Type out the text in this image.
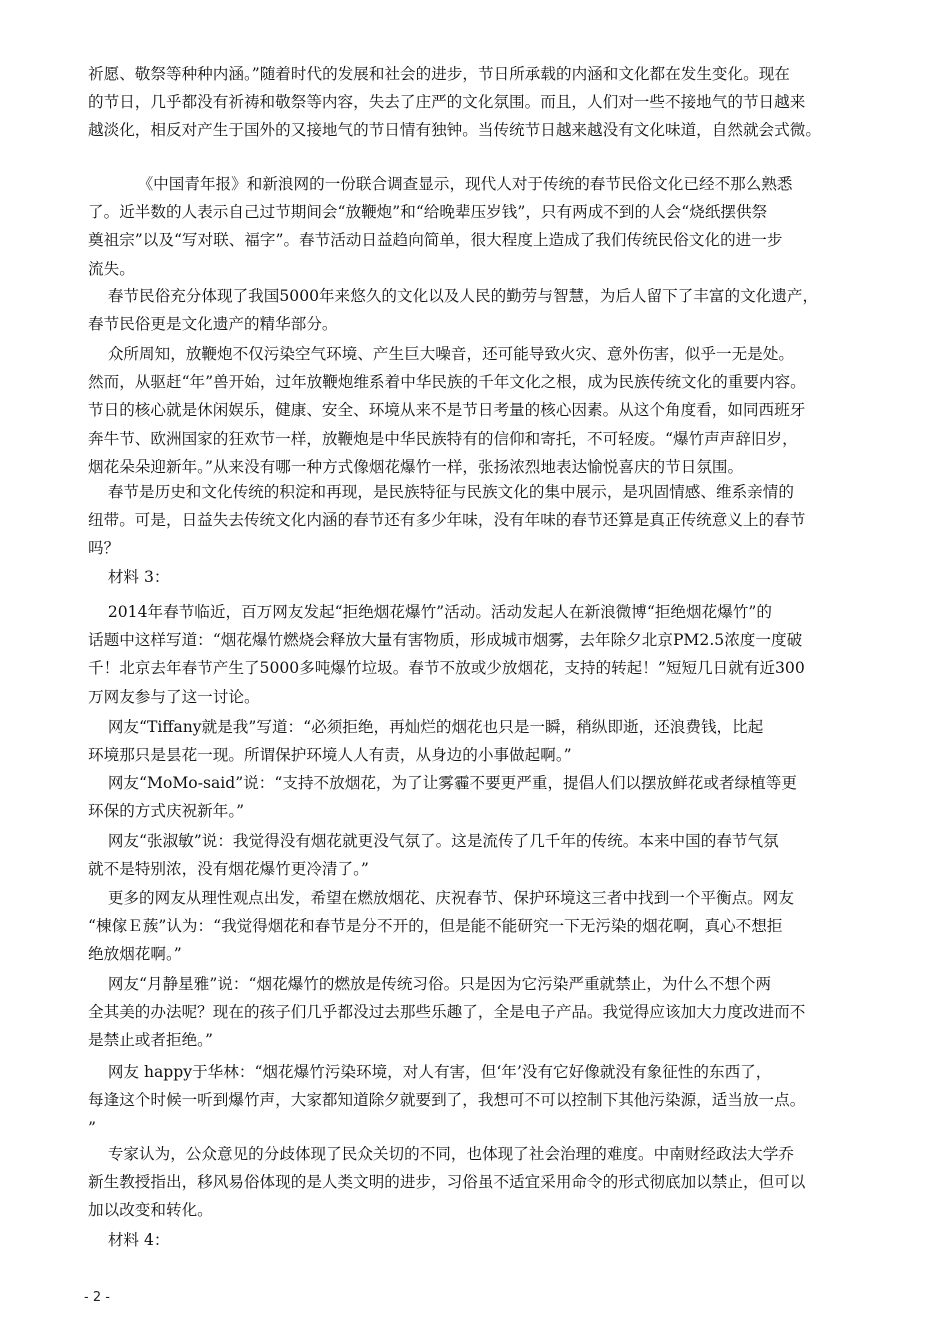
祈愿、敬祭等种种内涵。”随着时代的发展和社会的进步，节日所承载的内涵和文化都在发生变化。现在
的节日，几乎都没有祈祷和敬祭等内容，失去了庄严的文化氛围。而且，人们对一些不接地气的节日越来
越淡化，相反对产生于国外的又接地气的节日情有独钟。当传统节日越来越没有文化味道，自然就会式微。
《中国青年报》和新浪网的一份联合调查显示，现代人对于传统的春节民俗文化已经不那么熟悉
了。近半数的人表示自己过节期间会“放鞭炮”和“给晚辈压岁钱”，只有两成不到的人会“烧纸摆供祭
奠祖宗”以及“写对联、福字”。春节活动日益趋向简单，很大程度上造成了我们传统民俗文化的进一步
流失。
春节民俗充分体现了我国5000年来悠久的文化以及人民的勤劳与智慧，为后人留下了丰富的文化遗产，
春节民俗更是文化遗产的精华部分。
众所周知，放鞭炮不仅污染空气环境、产生巨大噪音，还可能导致火灾、意外伤害，似乎一无是处。
然而，从驱赶“年”兽开始，过年放鞭炮维系着中华民族的千年文化之根，成为民族传统文化的重要内容。
节日的核心就是休闲娱乐，健康、安全、环境从来不是节日考量的核心因素。从这个角度看，如同西班牙
奔牛节、欧洲国家的狂欢节一样，放鞭炮是中华民族特有的信仰和寄托，不可轻废。“爆竹声声辞旧岁，
烟花朵朵迎新年。”从来没有哪一种方式像烟花爆竹一样，张扬浓烈地表达愉悦喜庆的节日氛围。
春节是历史和文化传统的积淀和再现，是民族特征与民族文化的集中展示，是巩固情感、维系亲情的
纽带。可是，日益失去传统文化内涵的春节还有多少年味，没有年味的春节还算是真正传统意义上的春节
吗？
材料 3：
2014年春节临近，百万网友发起“拒绝烟花爆竹”活动。活动发起人在新浪微博“拒绝烟花爆竹”的
话题中这样写道：“烟花爆竹燃烧会释放大量有害物质，形成城市烟雾，去年除夕北京PM2.5浓度一度破
千！北京去年春节产生了5000多吨爆竹垃圾。春节不放或少放烟花，支持的转起！”短短几日就有近300
万网友参与了这一讨论。
网友“Tiffany就是我”写道：“必须拒绝，再灿烂的烟花也只是一瞬，稍纵即逝，还浪费钱，比起
环境那只是昙花一现。所谓保护环境人人有责，从身边的小事做起啊。”
网友“MoMo-said”说：“支持不放烟花，为了让雾霾不要更严重，提倡人们以摆放鲜花或者绿植等更
环保的方式庆祝新年。”
网友“张淑敏”说：我觉得没有烟花就更没气氛了。这是流传了几千年的传统。本来中国的春节气氛
就不是特别浓，没有烟花爆竹更冷清了。”
更多的网友从理性观点出发，希望在燃放烟花、庆祝春节、保护环境这三者中找到一个平衡点。网友
“棟傢Ｅ蔟”认为：“我觉得烟花和春节是分不开的，但是能不能研究一下无污染的烟花啊，真心不想拒
绝放烟花啊。”
网友“月静星雅”说：“烟花爆竹的燃放是传统习俗。只是因为它污染严重就禁止，为什么不想个两
全其美的办法呢？现在的孩子们几乎都没过去那些乐趣了，全是电子产品。我觉得应该加大力度改进而不
是禁止或者拒绝。”
网友 happy于华林：“烟花爆竹污染环境，对人有害，但‘年’没有它好像就没有象征性的东西了，
每逢这个时候一听到爆竹声，大家都知道除夕就要到了，我想可不可以控制下其他污染源，适当放一点。
”
专家认为，公众意见的分歧体现了民众关切的不同，也体现了社会治理的难度。中南财经政法大学乔
新生教授指出，移风易俗体现的是人类文明的进步，习俗虽不适宜采用命令的形式彻底加以禁止，但可以
加以改变和转化。
材料 4：
- 2 -
